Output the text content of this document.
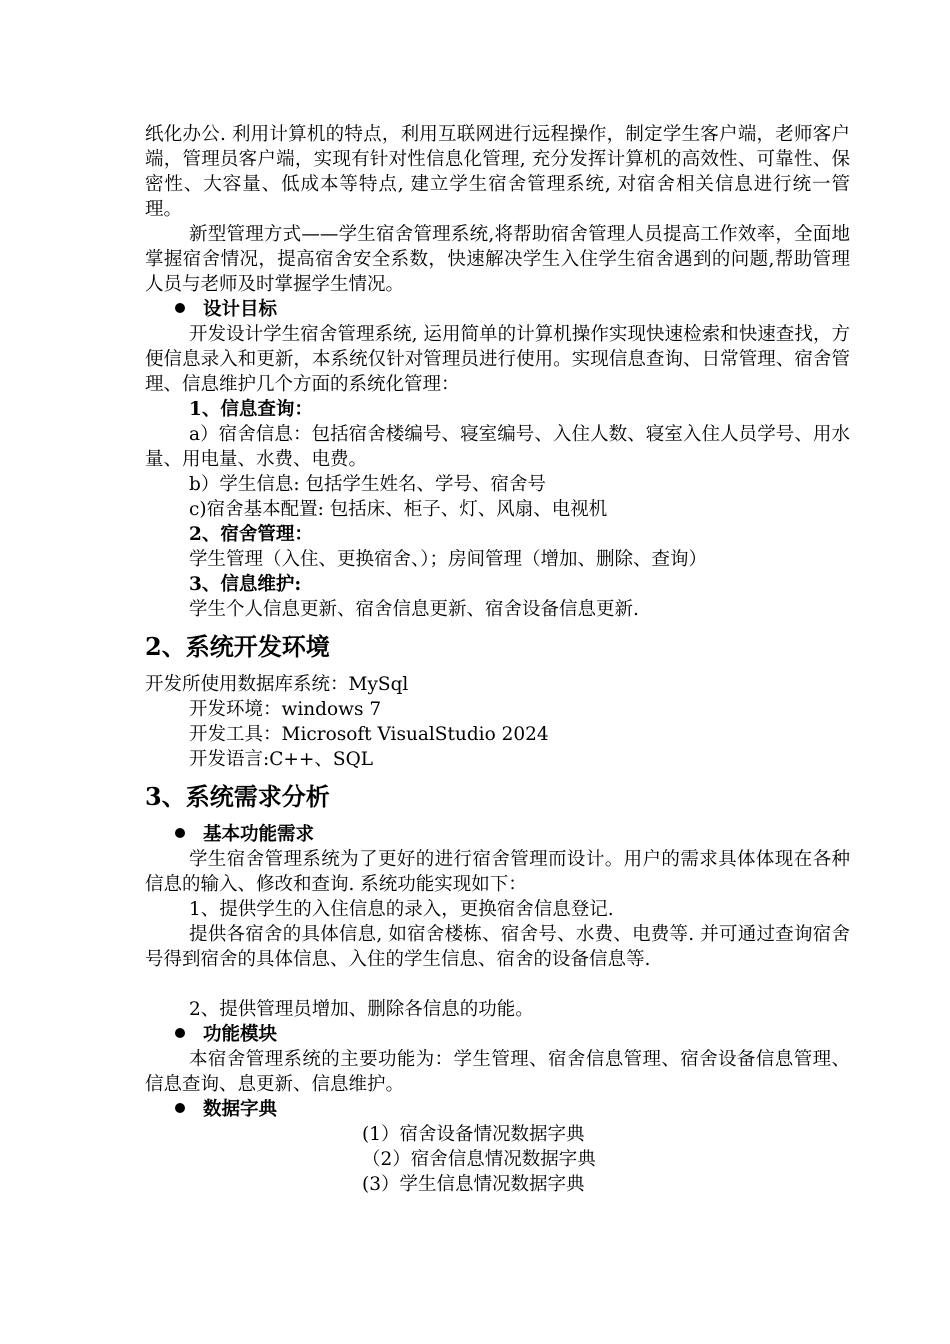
纸化办公. 利用计算机的特点，利用互联网进行远程操作，制定学生客户端，老师客户端，管理员客户端，实现有针对性信息化管理, 充分发挥计算机的高效性、可靠性、保密性、大容量、低成本等特点, 建立学生宿舍管理系统, 对宿舍相关信息进行统一管理。

新型管理方式——学生宿舍管理系统,将帮助宿舍管理人员提高工作效率，全面地掌握宿舍情况，提高宿舍安全系数，快速解决学生入住学生宿舍遇到的问题,帮助管理人员与老师及时掌握学生情况。

设计目标

开发设计学生宿舍管理系统, 运用简单的计算机操作实现快速检索和快速查找，方便信息录入和更新，本系统仅针对管理员进行使用。实现信息查询、日常管理、宿舍管理、信息维护几个方面的系统化管理：

1、信息查询：

a）宿舍信息：包括宿舍楼编号、寝室编号、入住人数、寝室入住人员学号、用水量、用电量、水费、电费。

b）学生信息: 包括学生姓名、学号、宿舍号

c)宿舍基本配置: 包括床、柜子、灯、风扇、电视机

2、宿舍管理：

学生管理（入住、更换宿舍、）；房间管理（增加、删除、查询）

3、信息维护:

学生个人信息更新、宿舍信息更新、宿舍设备信息更新.

2、系统开发环境

开发所使用数据库系统：MySql

开发环境：windows 7

开发工具：Microsoft VisualStudio 2024

开发语言:C++、SQL

3、系统需求分析

基本功能需求

学生宿舍管理系统为了更好的进行宿舍管理而设计。用户的需求具体体现在各种信息的输入、修改和查询. 系统功能实现如下：

1、提供学生的入住信息的录入，更换宿舍信息登记.

提供各宿舍的具体信息, 如宿舍楼栋、宿舍号、水费、电费等. 并可通过查询宿舍号得到宿舍的具体信息、入住的学生信息、宿舍的设备信息等.

2、提供管理员增加、删除各信息的功能。

功能模块

本宿舍管理系统的主要功能为：学生管理、宿舍信息管理、宿舍设备信息管理、信息查询、息更新、信息维护。

数据字典

(1）宿舍设备情况数据字典

（2）宿舍信息情况数据字典

(3）学生信息情况数据字典
